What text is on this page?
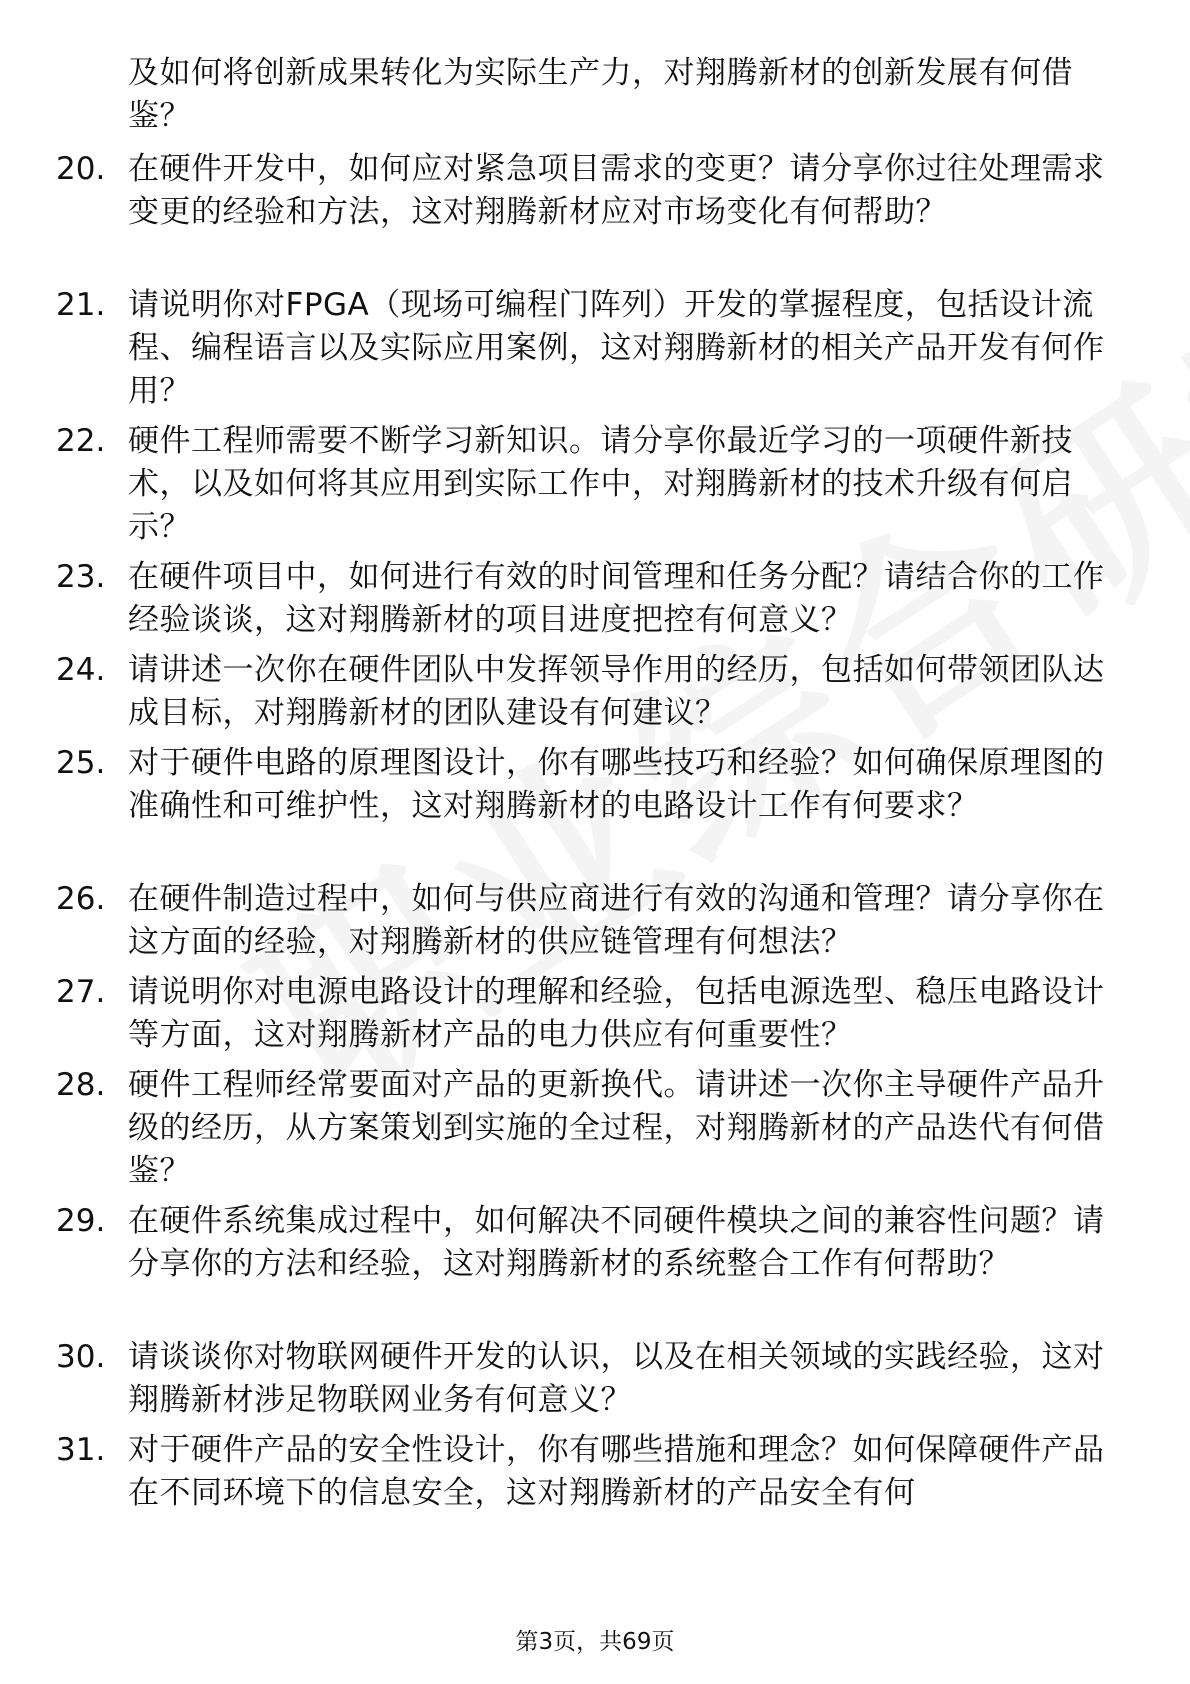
及如何将创新成果转化为实际生产力，对翔腾新材的创新发展有何借鉴？
20. 在硬件开发中，如何应对紧急项目需求的变更？请分享你过往处理需求变更的经验和方法，这对翔腾新材应对市场变化有何帮助？
21. 请说明你对FPGA（现场可编程门阵列）开发的掌握程度，包括设计流程、编程语言以及实际应用案例，这对翔腾新材的相关产品开发有何作用？
22. 硬件工程师需要不断学习新知识。请分享你最近学习的一项硬件新技术，以及如何将其应用到实际工作中，对翔腾新材的技术升级有何启示？
23. 在硬件项目中，如何进行有效的时间管理和任务分配？请结合你的工作经验谈谈，这对翔腾新材的项目进度把控有何意义？
24. 请讲述一次你在硬件团队中发挥领导作用的经历，包括如何带领团队达成目标，对翔腾新材的团队建设有何建议？
25. 对于硬件电路的原理图设计，你有哪些技巧和经验？如何确保原理图的准确性和可维护性，这对翔腾新材的电路设计工作有何要求？
26. 在硬件制造过程中，如何与供应商进行有效的沟通和管理？请分享你在这方面的经验，对翔腾新材的供应链管理有何想法？
27. 请说明你对电源电路设计的理解和经验，包括电源选型、稳压电路设计等方面，这对翔腾新材产品的电力供应有何重要性？
28. 硬件工程师经常要面对产品的更新换代。请讲述一次你主导硬件产品升级的经历，从方案策划到实施的全过程，对翔腾新材的产品迭代有何借鉴？
29. 在硬件系统集成过程中，如何解决不同硬件模块之间的兼容性问题？请分享你的方法和经验，这对翔腾新材的系统整合工作有何帮助？
30. 请谈谈你对物联网硬件开发的认识，以及在相关领域的实践经验，这对翔腾新材涉足物联网业务有何意义？
31. 对于硬件产品的安全性设计，你有哪些措施和理念？如何保障硬件产品在不同环境下的信息安全，这对翔腾新材的产品安全有何
第3页，共69页
